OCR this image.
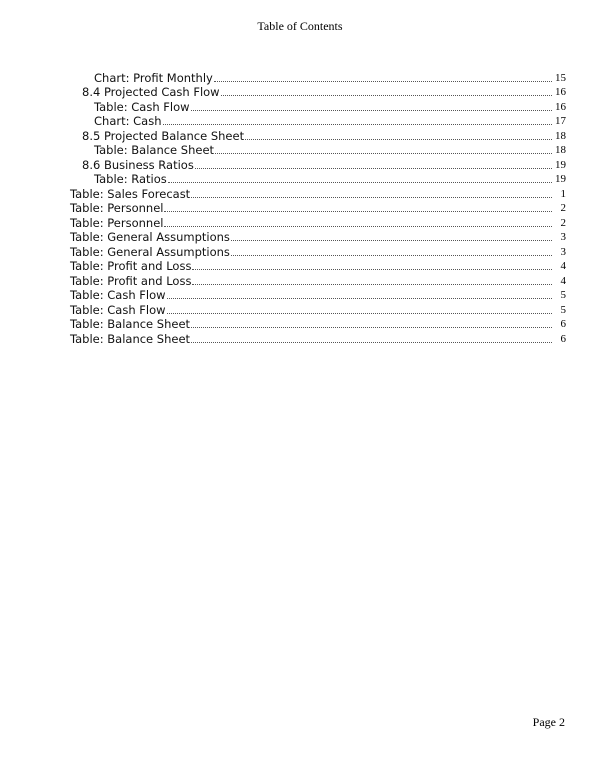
Table of Contents
Chart: Profit Monthly	15
8.4 Projected Cash Flow	16
Table: Cash Flow	16
Chart: Cash	17
8.5 Projected Balance Sheet	18
Table: Balance Sheet	18
8.6 Business Ratios	19
Table: Ratios	19
Table: Sales Forecast	1
Table: Personnel	2
Table: Personnel	2
Table: General Assumptions	3
Table: General Assumptions	3
Table: Profit and Loss	4
Table: Profit and Loss	4
Table: Cash Flow	5
Table: Cash Flow	5
Table: Balance Sheet	6
Table: Balance Sheet	6
Page 2
